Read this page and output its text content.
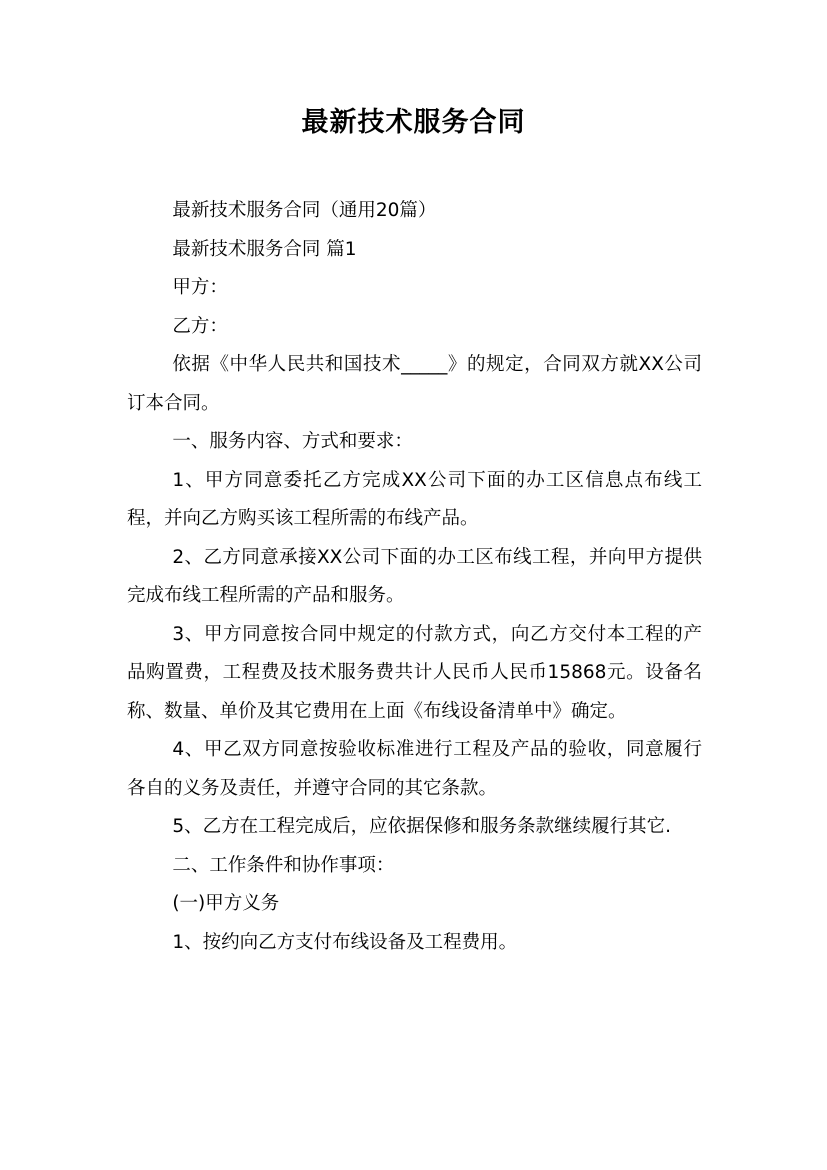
最新技术服务合同

最新技术服务合同（通用20篇）

最新技术服务合同 篇1

甲方：

乙方：

依据《中华人民共和国技术_____》的规定，合同双方就XX公司订本合同。

一、服务内容、方式和要求：

1、甲方同意委托乙方完成XX公司下面的办工区信息点布线工程，并向乙方购买该工程所需的布线产品。

2、乙方同意承接XX公司下面的办工区布线工程，并向甲方提供完成布线工程所需的产品和服务。

3、甲方同意按合同中规定的付款方式，向乙方交付本工程的产品购置费，工程费及技术服务费共计人民币人民币15868元。设备名称、数量、单价及其它费用在上面《布线设备清单中》确定。

4、甲乙双方同意按验收标准进行工程及产品的验收，同意履行各自的义务及责任，并遵守合同的其它条款。

5、乙方在工程完成后，应依据保修和服务条款继续履行其它.

二、工作条件和协作事项：

(一)甲方义务

1、按约向乙方支付布线设备及工程费用。
